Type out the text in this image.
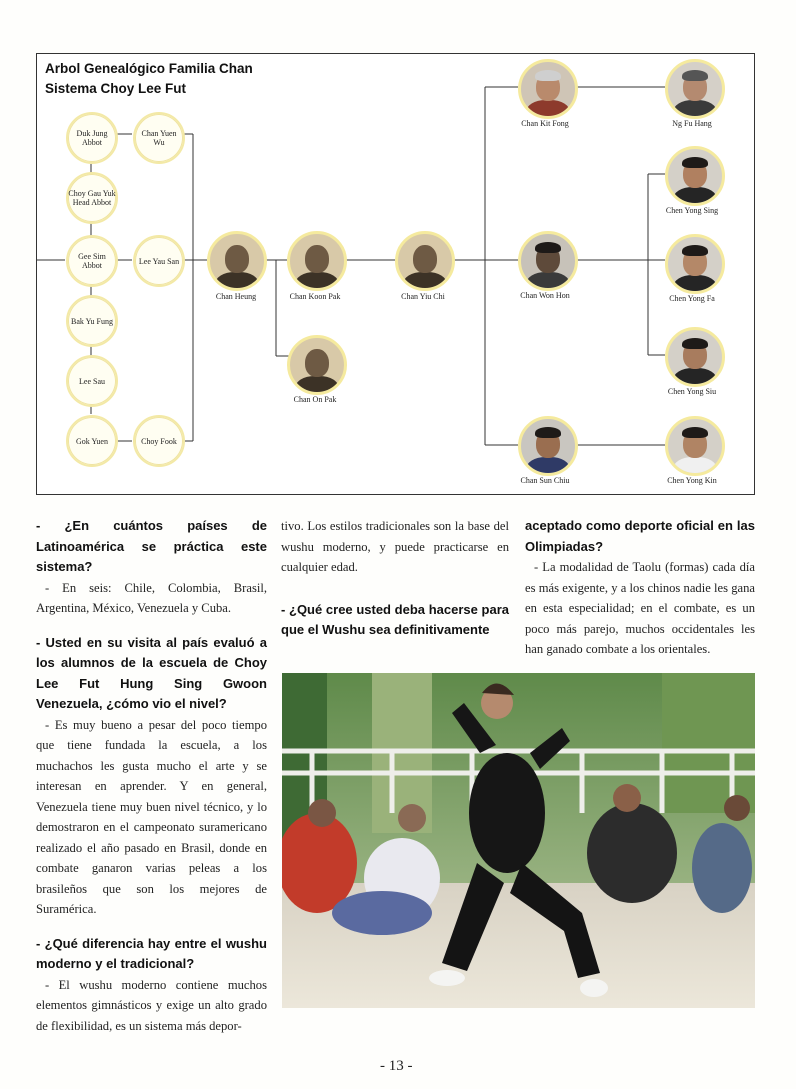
Arbol Genealógico Familia Chan
Sistema Choy Lee Fut
Duk Jung Abbot
Choy Gau Yuk Head Abbot
Gee Sim Abbot
Bak Yu Fung
Lee Sau
Gok Yuen
Chan Yuen Wu
Lee Yau San
Choy Fook
Chan Heung	Chan Koon Pak
Chan On Pak
Chan Yiu Chi
Chan Kit Fong
Chan Won Hon
Chan Sun Chiu
Ng Fu Hang
Chen Yong Sing
Chen Yong Fa
Chen Yong Siu
Chen Yong Kin
- ¿En cuántos países de Latinoamérica se práctica este sistema?

- En seis: Chile, Colombia, Brasil, Argentina, México, Venezuela y Cuba.

- Usted en su visita al país evaluó a los alumnos de la escuela de Choy Lee Fut Hung Sing Gwoon Venezuela, ¿cómo vio el nivel?

- Es muy bueno a pesar del poco tiempo que tiene fundada la escuela, a los muchachos les gusta mucho el arte y se interesan en aprender. Y en general, Venezuela tiene muy buen nivel técnico, y lo demostraron en el campeonato suramericano realizado el año pasado en Brasil, donde en combate ganaron varias peleas a los brasileños que son los mejores de Suramérica.

- ¿Qué diferencia hay entre el wushu moderno y el tradicional?

- El wushu moderno contiene muchos elementos gimnásticos y exige un alto grado de flexibilidad, es un sistema más depor-

tivo. Los estilos tradicionales son la base del wushu moderno, y puede practicarse en cualquier edad.

- ¿Qué cree usted deba hacerse para que el Wushu sea definitivamente
aceptado como deporte oficial en las Olimpiadas?

- La modalidad de Taolu (formas) cada día es más exigente, y a los chinos nadie les gana en esta especialidad; en el combate, es un poco más parejo, muchos occidentales les han ganado combate a los orientales.

- 13 -
